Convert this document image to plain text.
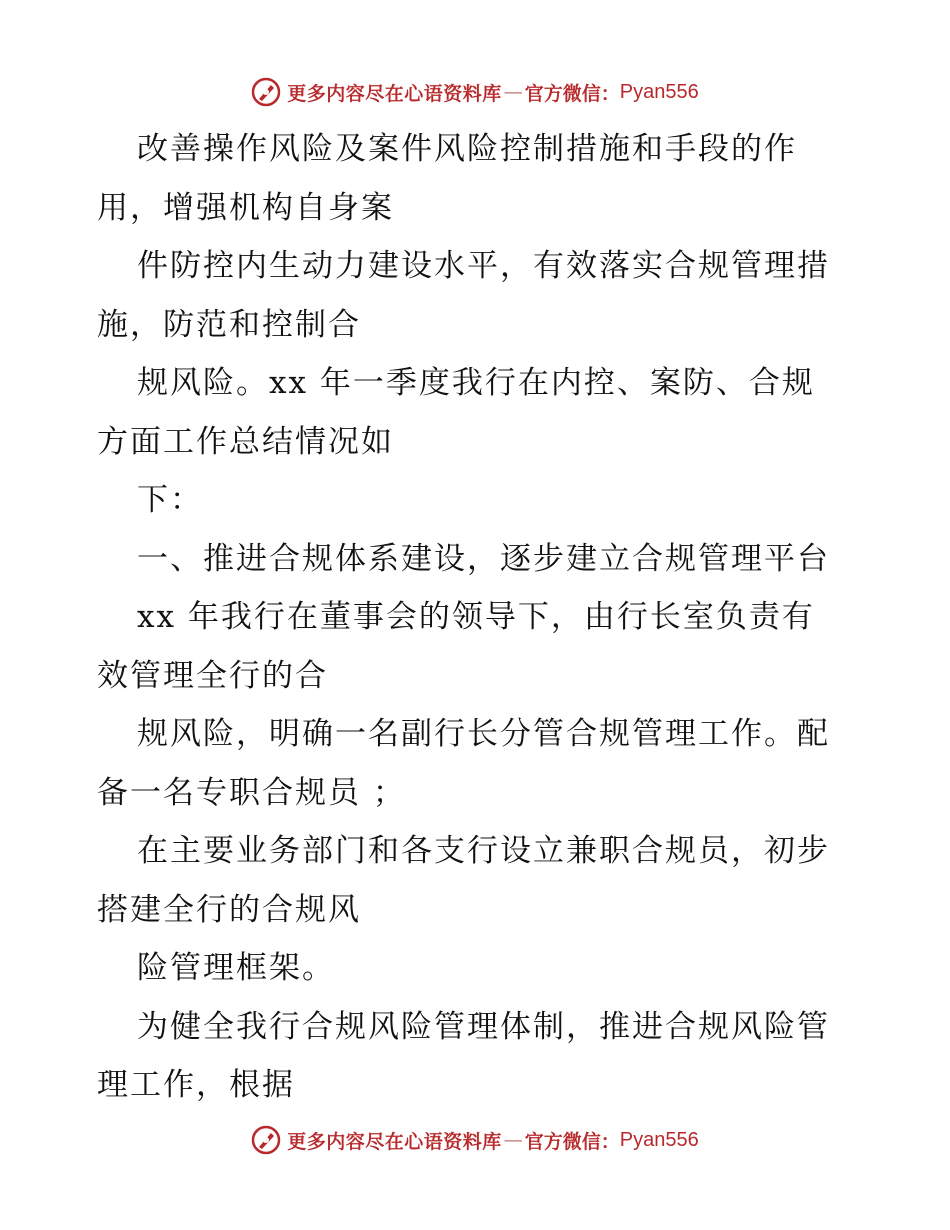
更多内容尽在心语资料库 — 官方微信： Pyan556
改善操作风险及案件风险控制措施和手段的作
用，增强机构自身案
件防控内生动力建设水平，有效落实合规管理措
施，防范和控制合
规风险。xx 年一季度我行在内控、案防、合规
方面工作总结情况如
下：
一、推进合规体系建设，逐步建立合规管理平台
xx 年我行在董事会的领导下，由行长室负责有
效管理全行的合
规风险，明确一名副行长分管合规管理工作。配
备一名专职合规员 ；
在主要业务部门和各支行设立兼职合规员，初步
搭建全行的合规风
险管理框架。
为健全我行合规风险管理体制，推进合规风险管
理工作，根据
更多内容尽在心语资料库 — 官方微信： Pyan556
